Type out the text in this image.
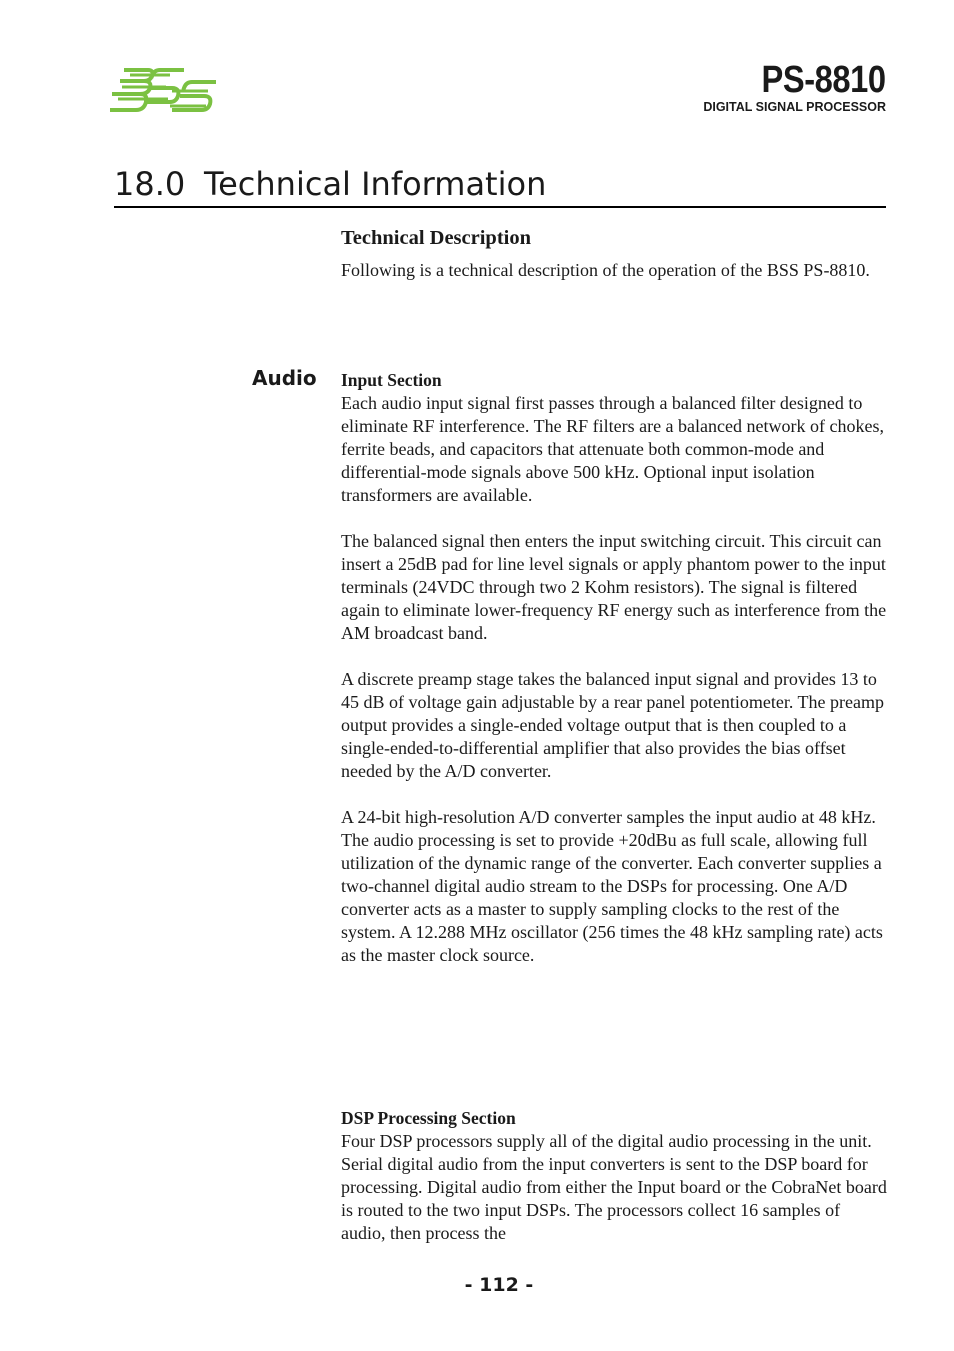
PS-8810
DIGITAL SIGNAL PROCESSOR
18.0 Technical Information
Technical Description

Following is a technical description of the operation of the BSS PS-8810.

Audio Input Section

Each audio input signal first passes through a balanced filter designed to eliminate RF interference. The RF filters are a balanced network of chokes, ferrite beads, and capacitors that attenuate both common-mode and differential-mode signals above 500 kHz. Optional input isolation transformers are available.

The balanced signal then enters the input switching circuit. This circuit can insert a 25dB pad for line level signals or apply phantom power to the input terminals (24VDC through two 2 Kohm resistors). The signal is filtered again to eliminate lower-frequency RF energy such as interference from the AM broadcast band.

A discrete preamp stage takes the balanced input signal and provides 13 to 45 dB of voltage gain adjustable by a rear panel potentiometer. The preamp output provides a single-ended voltage output that is then coupled to a single-ended-to-differential amplifier that also provides the bias offset needed by the A/D converter.

A 24-bit high-resolution A/D converter samples the input audio at 48 kHz. The audio processing is set to provide +20dBu as full scale, allowing full utilization of the dynamic range of the converter. Each converter supplies a two-channel digital audio stream to the DSPs for processing. One A/D converter acts as a master to supply sampling clocks to the rest of the system. A 12.288 MHz oscillator (256 times the 48 kHz sampling rate) acts as the master clock source.

DSP Processing Section

Four DSP processors supply all of the digital audio processing in the unit. Serial digital audio from the input converters is sent to the DSP board for processing. Digital audio from either the Input board or the CobraNet board is routed to the two input DSPs. The processors collect 16 samples of audio, then process the

- 112 -
